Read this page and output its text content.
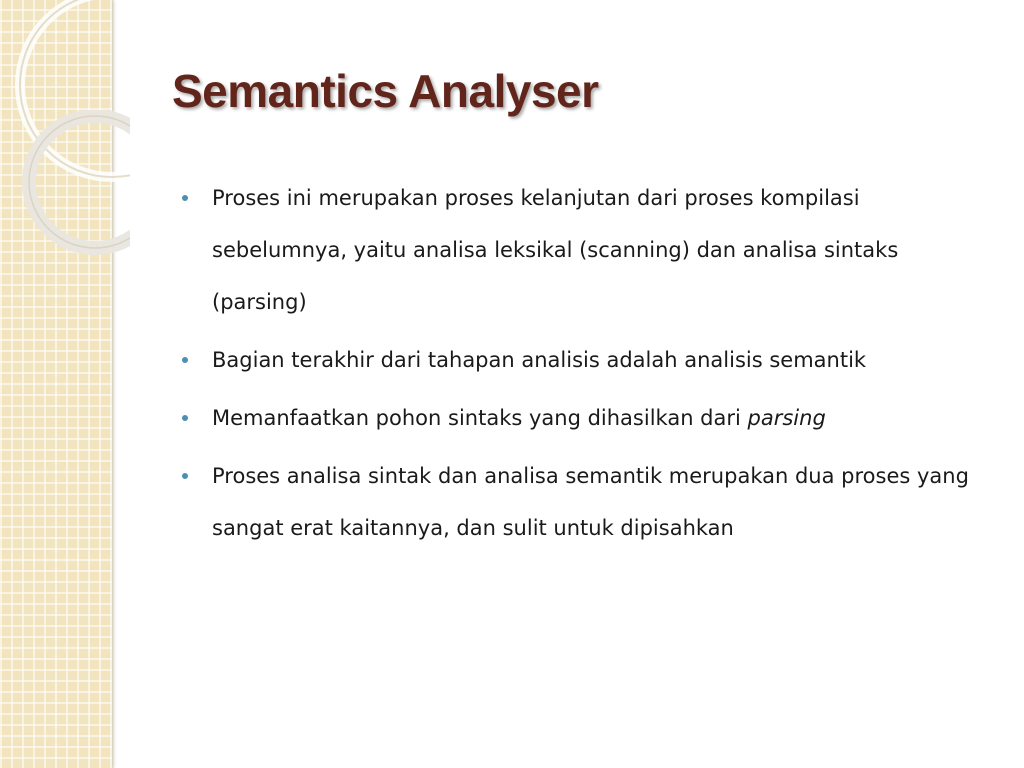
Semantics Analyser
Proses ini merupakan proses kelanjutan dari proses kompilasi sebelumnya, yaitu analisa leksikal (scanning) dan analisa sintaks (parsing)
Bagian terakhir dari tahapan analisis adalah analisis semantik
Memanfaatkan pohon sintaks yang dihasilkan dari parsing
Proses analisa sintak dan analisa semantik merupakan dua proses yang sangat erat kaitannya, dan sulit untuk dipisahkan
